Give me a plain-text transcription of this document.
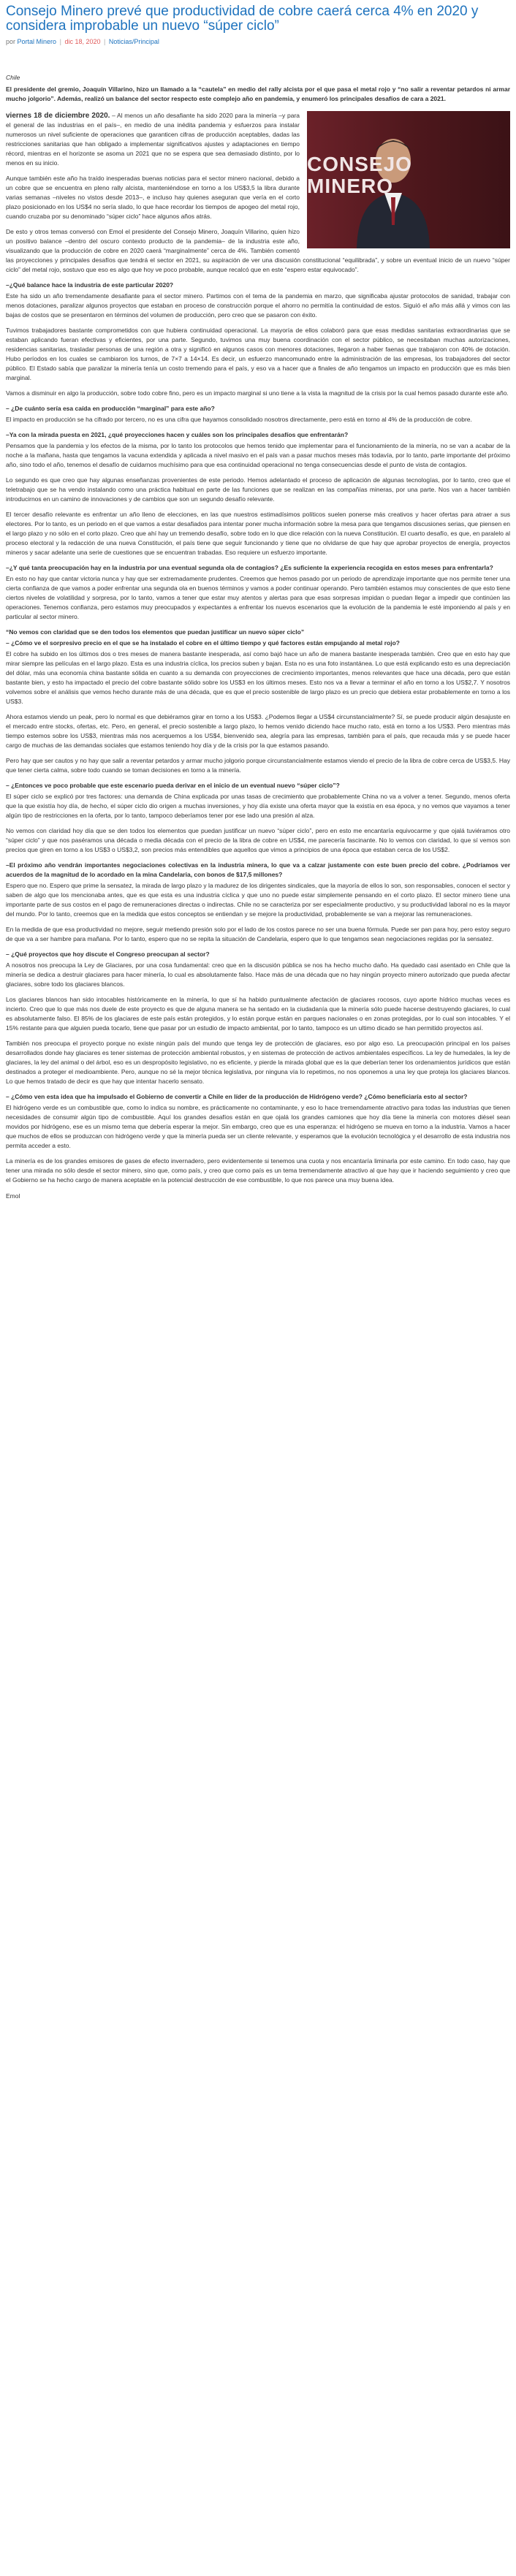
Consejo Minero prevé que productividad de cobre caerá cerca 4% en 2020 y considera improbable un nuevo “súper ciclo”
por Portal Minero | dic 18, 2020 | Noticias/Principal

Chile

El presidente del gremio, Joaquín Villarino, hizo un llamado a la “cautela” en medio del rally alcista por el que pasa el metal rojo y “no salir a reventar petardos ni armar mucho jolgorio”. Además, realizó un balance del sector respecto este complejo año en pandemia, y enumeró los principales desafíos de cara a 2021.

CONSEJO MINERO

viernes 18 de diciembre 2020. – Al menos un año desafiante ha sido 2020 para la minería –y para el general de las industrias en el país–, en medio de una inédita pandemia y esfuerzos para instalar numerosos un nivel suficiente de operaciones que garanticen cifras de producción aceptables, dadas las restricciones sanitarias que han obligado a implementar significativos ajustes y adaptaciones en tiempo récord, mientras en el horizonte se asoma un 2021 que no se espera que sea demasiado distinto, por lo menos en su inicio.

Aunque también este año ha traído inesperadas buenas noticias para el sector minero nacional, debido a un cobre que se encuentra en pleno rally alcista, manteniéndose en torno a los US$3,5 la libra durante varias semanas –niveles no vistos desde 2013–, e incluso hay quienes aseguran que vería en el corto plazo posicionado en los US$4 no sería slado, lo que hace recordar los tiempos de apogeo del metal rojo, cuando cruzaba por su denominado “súper ciclo” hace algunos años atrás.

De esto y otros temas conversó con Emol el presidente del Consejo Minero, Joaquín Villarino, quien hizo un positivo balance –dentro del oscuro contexto producto de la pandemia– de la industria este año, visualizando que la producción de cobre en 2020 caerá “marginalmente” cerca de 4%. También comentó las proyecciones y principales desafíos que tendrá el sector en 2021, su aspiración de ver una discusión constitucional “equilibrada”, y sobre un eventual inicio de un nuevo “súper ciclo” del metal rojo, sostuvo que eso es algo que hoy ve poco probable, aunque recalcó que en este “espero estar equivocado”.

–¿Qué balance hace la industria de este particular 2020?

Este ha sido un año tremendamente desafiante para el sector minero. Partimos con el tema de la pandemia en marzo, que significaba ajustar protocolos de sanidad, trabajar con menos dotaciones, paralizar algunos proyectos que estaban en proceso de construcción porque el ahorro no permitía la continuidad de estos. Siguió el año más allá y vimos con las bajas de costos que se presentaron en términos del volumen de producción, pero creo que se pasaron con éxito.

Tuvimos trabajadores bastante comprometidos con que hubiera continuidad operacional. La mayoría de ellos colaboró para que esas medidas sanitarias extraordinarias que se estaban aplicando fueran efectivas y eficientes, por una parte. Segundo, tuvimos una muy buena coordinación con el sector público, se necesitaban muchas autorizaciones, residencias sanitarias, trasladar personas de una región a otra y significó en algunos casos con menores dotaciones, llegaron a haber faenas que trabajaron con 40% de dotación. Hubo períodos en los cuales se cambiaron los turnos, de 7×7 a 14×14. Es decir, un esfuerzo mancomunado entre la administración de las empresas, los trabajadores del sector público. El Estado sabía que paralizar la minería tenía un costo tremendo para el país, y eso va a hacer que a finales de año tengamos un impacto en producción que es más bien marginal.

Vamos a disminuir en algo la producción, sobre todo cobre fino, pero es un impacto marginal si uno tiene a la vista la magnitud de la crisis por la cual hemos pasado durante este año.

– ¿De cuánto sería esa caída en producción “marginal” para este año?

El impacto en producción se ha cifrado por tercero, no es una cifra que hayamos consolidado nosotros directamente, pero está en torno al 4% de la producción de cobre.

–Ya con la mirada puesta en 2021, ¿qué proyecciones hacen y cuáles son los principales desafíos que enfrentarán?

Pensamos que la pandemia y los efectos de la misma, por lo tanto los protocolos que hemos tenido que implementar para el funcionamiento de la minería, no se van a acabar de la noche a la mañana, hasta que tengamos la vacuna extendida y aplicada a nivel masivo en el país van a pasar muchos meses más todavía, por lo tanto, parte importante del próximo año, sino todo el año, tenemos el desafío de cuidarnos muchísimo para que esa continuidad operacional no tenga consecuencias desde el punto de vista de contagios.

Lo segundo es que creo que hay algunas enseñanzas provenientes de este periodo. Hemos adelantado el proceso de aplicación de algunas tecnologías, por lo tanto, creo que el teletrabajo que se ha vendo instalando como una práctica habitual en parte de las funciones que se realizan en las compañías mineras, por una parte. Nos van a hacer también introducirnos en un camino de innovaciones y de cambios que son un segundo desafío relevante.

El tercer desafío relevante es enfrentar un año lleno de elecciones, en las que nuestros estimadísimos políticos suelen ponerse más creativos y hacer ofertas para atraer a sus electores. Por lo tanto, es un periodo en el que vamos a estar desafiados para intentar poner mucha información sobre la mesa para que tengamos discusiones serias, que piensen en el largo plazo y no sólo en el corto plazo. Creo que ahí hay un tremendo desafío, sobre todo en lo que dice relación con la nueva Constitución. El cuarto desafío, es que, en paralelo al proceso electoral y la redacción de una nueva Constitución, el país tiene que seguir funcionando y tiene que no olvidarse de que hay que aprobar proyectos de energía, proyectos mineros y sacar adelante una serie de cuestiones que se encuentran trabadas. Eso requiere un esfuerzo importante.

–¿Y qué tanta preocupación hay en la industria por una eventual segunda ola de contagios? ¿Es suficiente la experiencia recogida en estos meses para enfrentarla?

En esto no hay que cantar victoria nunca y hay que ser extremadamente prudentes. Creemos que hemos pasado por un periodo de aprendizaje importante que nos permite tener una cierta confianza de que vamos a poder enfrentar una segunda ola en buenos términos y vamos a poder continuar operando. Pero también estamos muy conscientes de que esto tiene ciertos niveles de volatilidad y sorpresa, por lo tanto, vamos a tener que estar muy atentos y alertas para que esas sorpresas impidan o puedan llegar a impedir que continúen las operaciones. Tenemos confianza, pero estamos muy preocupados y expectantes a enfrentar los nuevos escenarios que la evolución de la pandemia le esté imponiendo al país y en particular al sector minero.

“No vemos con claridad que se den todos los elementos que puedan justificar un nuevo súper ciclo”

– ¿Cómo ve el sorpresivo precio en el que se ha instalado el cobre en el último tiempo y qué factores están empujando al metal rojo?

El cobre ha subido en los últimos dos o tres meses de manera bastante inesperada, así como bajó hace un año de manera bastante inesperada también. Creo que en esto hay que mirar siempre las películas en el largo plazo. Esta es una industria cíclica, los precios suben y bajan. Esta no es una foto instantánea. Lo que está explicando esto es una depreciación del dólar, más una economía china bastante sólida en cuanto a su demanda con proyecciones de crecimiento importantes, menos relevantes que hace una década, pero que están bastante bien, y esto ha impactado el precio del cobre bastante sólido sobre los US$3 en los últimos meses. Esto nos va a llevar a terminar el año en torno a los US$2,7. Y nosotros volvemos sobre el análisis que vemos hecho durante más de una década, que es que el precio sostenible de largo plazo es un precio que debiera estar probablemente en torno a los US$3.

Ahora estamos viendo un peak, pero lo normal es que debiéramos girar en torno a los US$3. ¿Podemos llegar a US$4 circunstancialmente? Sí, se puede producir algún desajuste en el mercado entre stocks, ofertas, etc. Pero, en general, el precio sostenible a largo plazo, lo hemos venido diciendo hace mucho rato, está en torno a los US$3. Pero mientras más tiempo estemos sobre los US$3, mientras más nos acerquemos a los US$4, bienvenido sea, alegría para las empresas, también para el país, que recauda más y se puede hacer cargo de muchas de las demandas sociales que estamos teniendo hoy día y de la crisis por la que estamos pasando.

Pero hay que ser cautos y no hay que salir a reventar petardos y armar mucho jolgorio porque circunstancialmente estamos viendo el precio de la libra de cobre cerca de US$3,5. Hay que tener cierta calma, sobre todo cuando se toman decisiones en torno a la minería.

– ¿Entonces ve poco probable que este escenario pueda derivar en el inicio de un eventual nuevo “súper ciclo”?

El súper ciclo se explicó por tres factores: una demanda de China explicada por unas tasas de crecimiento que probablemente China no va a volver a tener. Segundo, menos oferta que la que existía hoy día, de hecho, el súper ciclo dio origen a muchas inversiones, y hoy día existe una oferta mayor que la existía en esa época, y no vemos que vayamos a tener algún tipo de restricciones en la oferta, por lo tanto, tampoco deberíamos tener por ese lado una presión al alza.

No vemos con claridad hoy día que se den todos los elementos que puedan justificar un nuevo “súper ciclo”, pero en esto me encantaría equivocarme y que ojalá tuviéramos otro “súper ciclo” y que nos paséramos una década o media década con el precio de la libra de cobre en US$4, me parecería fascinante. No lo vemos con claridad, lo que sí vemos son precios que giren en torno a los US$3 o US$3,2, son precios más entendibles que aquellos que vimos a principios de una época que estaban cerca de los US$2.

–El próximo año vendrán importantes negociaciones colectivas en la industria minera, lo que va a calzar justamente con este buen precio del cobre. ¿Podríamos ver acuerdos de la magnitud de lo acordado en la mina Candelaria, con bonos de $17,5 millones?

Espero que no. Espero que prime la sensatez, la mirada de largo plazo y la madurez de los dirigentes sindicales, que la mayoría de ellos lo son, son responsables, conocen el sector y saben de algo que los mencionaba antes, que es que esta es una industria cíclica y que uno no puede estar simplemente pensando en el corto plazo. El sector minero tiene una importante parte de sus costos en el pago de remuneraciones directas o indirectas. Chile no se caracteriza por ser especialmente productivo, y su productividad laboral no es la mayor del mundo. Por lo tanto, creemos que en la medida que estos conceptos se entiendan y se mejore la productividad, probablemente se van a mejorar las remuneraciones.

En la medida de que esa productividad no mejore, seguir metiendo presión solo por el lado de los costos parece no ser una buena fórmula. Puede ser pan para hoy, pero estoy seguro de que va a ser hambre para mañana. Por lo tanto, espero que no se repita la situación de Candelaria, espero que lo que tengamos sean negociaciones regidas por la sensatez.

– ¿Qué proyectos que hoy discute el Congreso preocupan al sector?

A nosotros nos preocupa la Ley de Glaciares, por una cosa fundamental: creo que en la discusión pública se nos ha hecho mucho daño. Ha quedado casi asentado en Chile que la minería se dedica a destruir glaciares para hacer minería, lo cual es absolutamente falso. Hace más de una década que no hay ningún proyecto minero autorizado que pueda afectar glaciares, sobre todo los glaciares blancos.

Los glaciares blancos han sido intocables históricamente en la minería, lo que sí ha habido puntualmente afectación de glaciares rocosos, cuyo aporte hídrico muchas veces es incierto. Creo que lo que más nos duele de este proyecto es que de alguna manera se ha sentado en la ciudadanía que la minería sólo puede hacerse destruyendo glaciares, lo cual es absolutamente falso. El 85% de los glaciares de este país están protegidos, y lo están porque están en parques nacionales o en zonas protegidas, por lo cual son intocables. Y el 15% restante para que alguien pueda tocarlo, tiene que pasar por un estudio de impacto ambiental, por lo tanto, tampoco es un ultimo dicado se han permitido proyectos así.

También nos preocupa el proyecto porque no existe ningún país del mundo que tenga ley de protección de glaciares, eso por algo eso. La preocupación principal en los países desarrollados donde hay glaciares es tener sistemas de protección ambiental robustos, y en sistemas de protección de activos ambientales específicos. La ley de humedales, la ley de glaciares, la ley del animal o del árbol, eso es un despropósito legislativo, no es eficiente, y pierde la mirada global que es la que deberían tener los ordenamientos jurídicos que están destinados a proteger el medioambiente. Pero, aunque no sé la mejor técnica legislativa, por ninguna vía lo repetimos, no nos oponemos a una ley que proteja los glaciares blancos. Lo que hemos tratado de decir es que hay que intentar hacerlo sensato.

– ¿Cómo ven esta idea que ha impulsado el Gobierno de convertir a Chile en líder de la producción de Hidrógeno verde? ¿Cómo beneficiaría esto al sector?

El hidrógeno verde es un combustible que, como lo indica su nombre, es prácticamente no contaminante, y eso lo hace tremendamente atractivo para todas las industrias que tienen necesidades de consumir algún tipo de combustible. Aquí los grandes desafíos están en que ojalá los grandes camiones que hoy día tiene la minería con motores diésel sean movidos por hidrógeno, ese es un mismo tema que debería esperar la mejor. Sin embargo, creo que es una esperanza: el hidrógeno se mueva en torno a la industria. Vamos a hacer que muchos de ellos se produzcan con hidrógeno verde y que la minería pueda ser un cliente relevante, y esperamos que la evolución tecnológica y el desarrollo de esta industria nos permita acceder a esto.

La minería es de los grandes emisores de gases de efecto invernadero, pero evidentemente si tenemos una cuota y nos encantaría liminarla por este camino. En todo caso, hay que tener una mirada no sólo desde el sector minero, sino que, como país, y creo que como país es un tema tremendamente atractivo al que hay que ir haciendo seguimiento y creo que el Gobierno se ha hecho cargo de manera aceptable en la potencial destrucción de ese combustible, lo que nos parece una muy buena idea.

Emol
